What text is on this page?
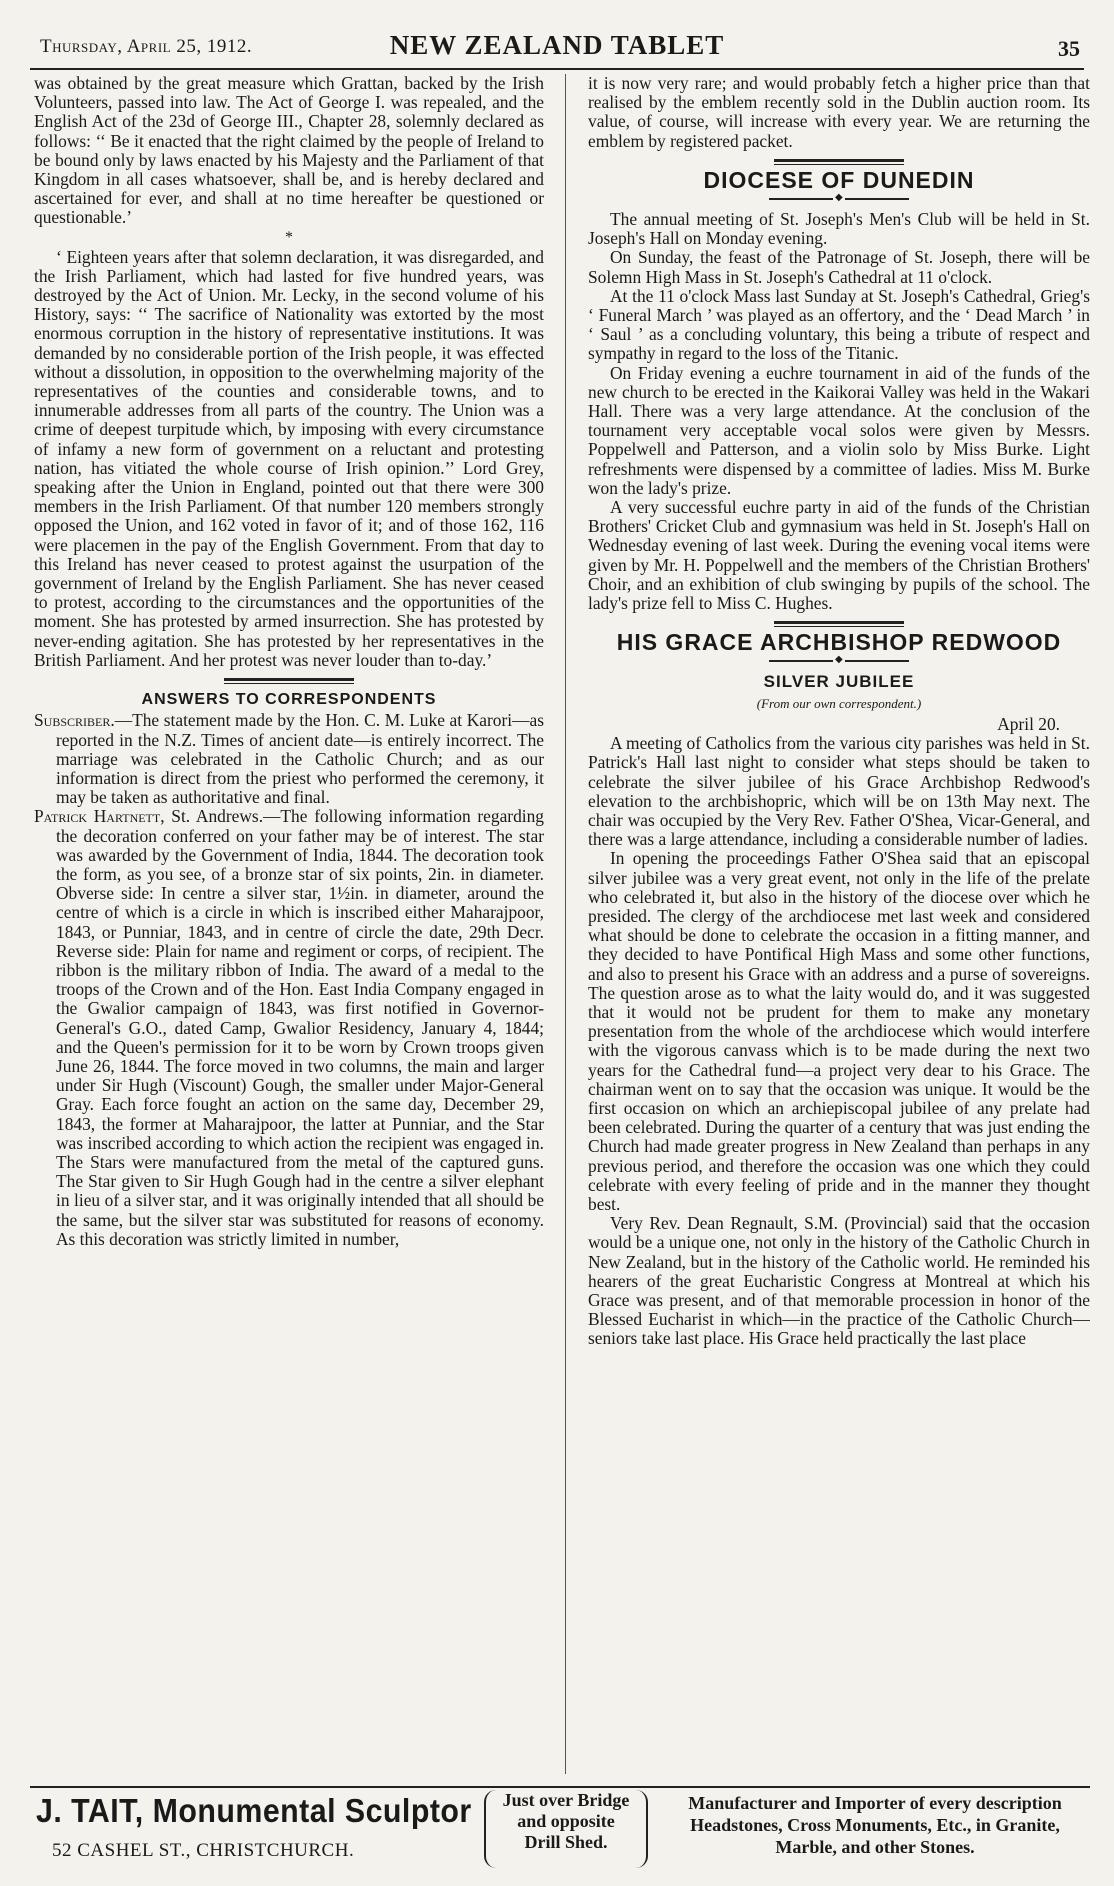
Thursday, April 25, 1912.	NEW ZEALAND TABLET	35

was obtained by the great measure which Grattan, backed by the Irish Volunteers, passed into law. The Act of George I. was repealed, and the English Act of the 23d of George III., Chapter 28, solemnly declared as follows: ‘‘ Be it enacted that the right claimed by the people of Ireland to be bound only by laws enacted by his Majesty and the Parliament of that Kingdom in all cases whatsoever, shall be, and is hereby declared and ascertained for ever, and shall at no time hereafter be questioned or questionable.’

*

‘ Eighteen years after that solemn declaration, it was disregarded, and the Irish Parliament, which had lasted for five hundred years, was destroyed by the Act of Union. Mr. Lecky, in the second volume of his History, says: ‘‘ The sacrifice of Nationality was extorted by the most enormous corruption in the history of representative institutions. It was demanded by no considerable portion of the Irish people, it was effected without a dissolution, in opposition to the overwhelming majority of the representatives of the counties and considerable towns, and to innumerable addresses from all parts of the country. The Union was a crime of deepest turpitude which, by imposing with every circumstance of infamy a new form of government on a reluctant and protesting nation, has vitiated the whole course of Irish opinion.’’ Lord Grey, speaking after the Union in England, pointed out that there were 300 members in the Irish Parliament. Of that number 120 members strongly opposed the Union, and 162 voted in favor of it; and of those 162, 116 were placemen in the pay of the English Government. From that day to this Ireland has never ceased to protest against the usurpation of the government of Ireland by the English Parliament. She has never ceased to protest, according to the circumstances and the opportunities of the moment. She has protested by armed insurrection. She has protested by never-ending agitation. She has protested by her representatives in the British Parliament. And her protest was never louder than to-day.’

ANSWERS TO CORRESPONDENTS

Subscriber.—The statement made by the Hon. C. M. Luke at Karori—as reported in the N.Z. Times of ancient date—is entirely incorrect. The marriage was celebrated in the Catholic Church; and as our information is direct from the priest who performed the ceremony, it may be taken as authoritative and final.

Patrick Hartnett, St. Andrews.—The following information regarding the decoration conferred on your father may be of interest. The star was awarded by the Government of India, 1844. The decoration took the form, as you see, of a bronze star of six points, 2in. in diameter. Obverse side: In centre a silver star, 1½in. in diameter, around the centre of which is a circle in which is inscribed either Maharajpoor, 1843, or Punniar, 1843, and in centre of circle the date, 29th Decr. Reverse side: Plain for name and regiment or corps, of recipient. The ribbon is the military ribbon of India. The award of a medal to the troops of the Crown and of the Hon. East India Company engaged in the Gwalior campaign of 1843, was first notified in Governor-General's G.O., dated Camp, Gwalior Residency, January 4, 1844; and the Queen's permission for it to be worn by Crown troops given June 26, 1844. The force moved in two columns, the main and larger under Sir Hugh (Viscount) Gough, the smaller under Major-General Gray. Each force fought an action on the same day, December 29, 1843, the former at Maharajpoor, the latter at Punniar, and the Star was inscribed according to which action the recipient was engaged in. The Stars were manufactured from the metal of the captured guns. The Star given to Sir Hugh Gough had in the centre a silver elephant in lieu of a silver star, and it was originally intended that all should be the same, but the silver star was substituted for reasons of economy. As this decoration was strictly limited in number,

it is now very rare; and would probably fetch a higher price than that realised by the emblem recently sold in the Dublin auction room. Its value, of course, will increase with every year. We are returning the emblem by registered packet.

DIOCESE OF DUNEDIN
◆

The annual meeting of St. Joseph's Men's Club will be held in St. Joseph's Hall on Monday evening.

On Sunday, the feast of the Patronage of St. Joseph, there will be Solemn High Mass in St. Joseph's Cathedral at 11 o'clock.

At the 11 o'clock Mass last Sunday at St. Joseph's Cathedral, Grieg's ‘ Funeral March ’ was played as an offertory, and the ‘ Dead March ’ in ‘ Saul ’ as a concluding voluntary, this being a tribute of respect and sympathy in regard to the loss of the Titanic.

On Friday evening a euchre tournament in aid of the funds of the new church to be erected in the Kaikorai Valley was held in the Wakari Hall. There was a very large attendance. At the conclusion of the tournament very acceptable vocal solos were given by Messrs. Poppelwell and Patterson, and a violin solo by Miss Burke. Light refreshments were dispensed by a committee of ladies. Miss M. Burke won the lady's prize.

A very successful euchre party in aid of the funds of the Christian Brothers' Cricket Club and gymnasium was held in St. Joseph's Hall on Wednesday evening of last week. During the evening vocal items were given by Mr. H. Poppelwell and the members of the Christian Brothers' Choir, and an exhibition of club swinging by pupils of the school. The lady's prize fell to Miss C. Hughes.

HIS GRACE ARCHBISHOP REDWOOD
◆
SILVER JUBILEE
(From our own correspondent.)
April 20.

A meeting of Catholics from the various city parishes was held in St. Patrick's Hall last night to consider what steps should be taken to celebrate the silver jubilee of his Grace Archbishop Redwood's elevation to the archbishopric, which will be on 13th May next. The chair was occupied by the Very Rev. Father O'Shea, Vicar-General, and there was a large attendance, including a considerable number of ladies.

In opening the proceedings Father O'Shea said that an episcopal silver jubilee was a very great event, not only in the life of the prelate who celebrated it, but also in the history of the diocese over which he presided. The clergy of the archdiocese met last week and considered what should be done to celebrate the occasion in a fitting manner, and they decided to have Pontifical High Mass and some other functions, and also to present his Grace with an address and a purse of sovereigns. The question arose as to what the laity would do, and it was suggested that it would not be prudent for them to make any monetary presentation from the whole of the archdiocese which would interfere with the vigorous canvass which is to be made during the next two years for the Cathedral fund—a project very dear to his Grace. The chairman went on to say that the occasion was unique. It would be the first occasion on which an archiepiscopal jubilee of any prelate had been celebrated. During the quarter of a century that was just ending the Church had made greater progress in New Zealand than perhaps in any previous period, and therefore the occasion was one which they could celebrate with every feeling of pride and in the manner they thought best.

Very Rev. Dean Regnault, S.M. (Provincial) said that the occasion would be a unique one, not only in the history of the Catholic Church in New Zealand, but in the history of the Catholic world. He reminded his hearers of the great Eucharistic Congress at Montreal at which his Grace was present, and of that memorable procession in honor of the Blessed Eucharist in which—in the practice of the Catholic Church—seniors take last place. His Grace held practically the last place

J. TAIT, Monumental Sculptor
52 CASHEL ST., CHRISTCHURCH.
Just over Bridge
and opposite
Drill Shed.
Manufacturer and Importer of every description
Headstones, Cross Monuments, Etc., in Granite,
Marble, and other Stones.
